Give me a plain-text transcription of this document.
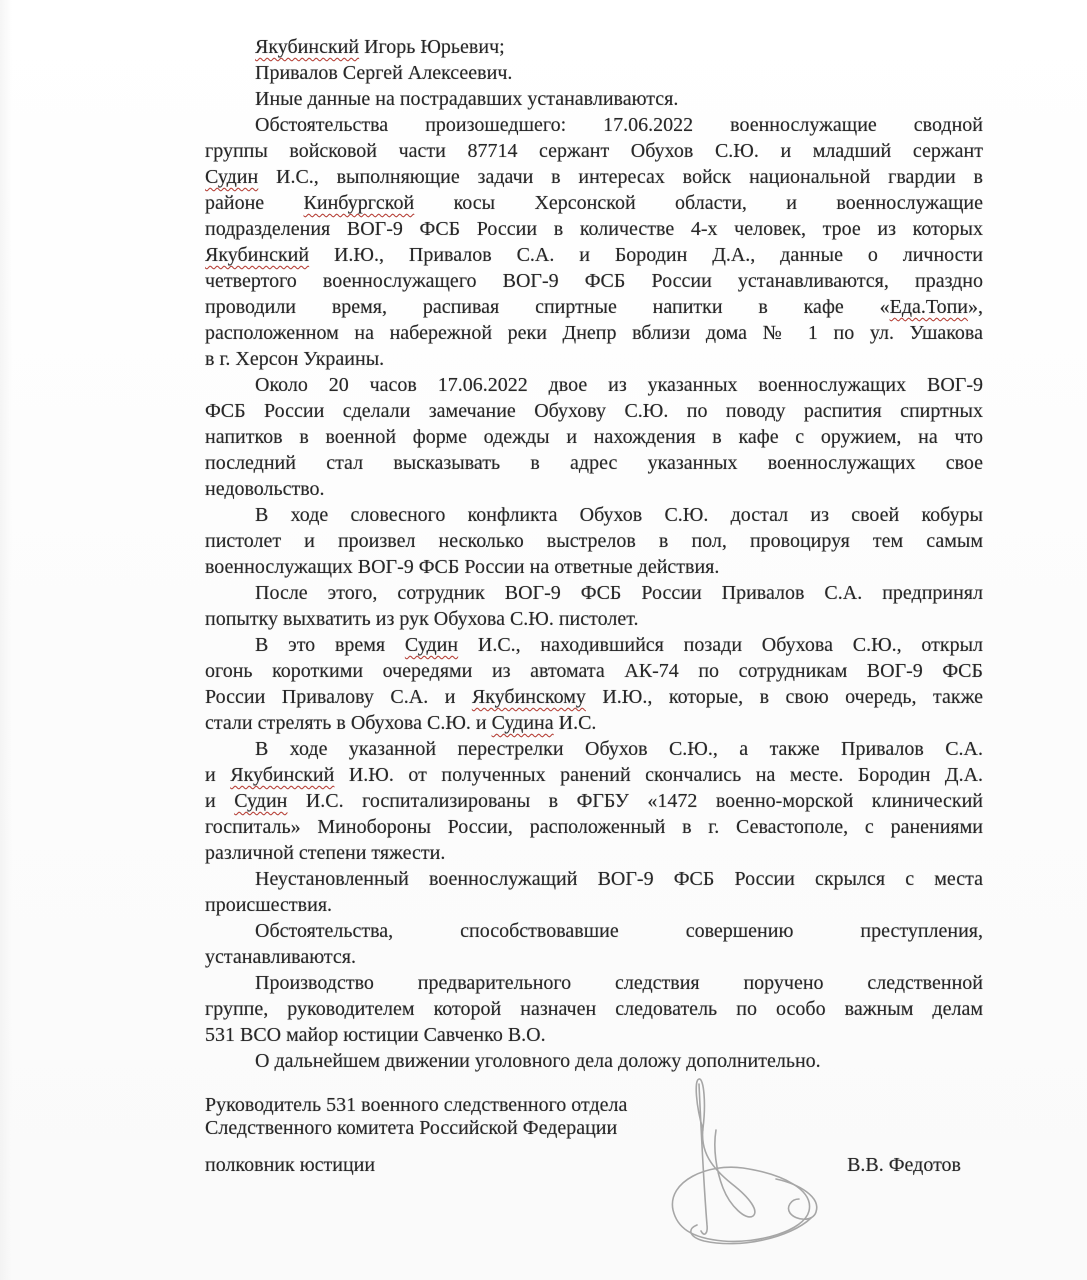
Якубинский Игорь Юрьевич;
Привалов Сергей Алексеевич.
Иные данные на пострадавших устанавливаются.
Обстоятельства произошедшего: 17.06.2022 военнослужащие сводной
группы войсковой части 87714 сержант Обухов С.Ю. и младший сержант
Судин И.С., выполняющие задачи в интересах войск национальной гвардии в
районе Кинбургской косы Херсонской области, и военнослужащие
подразделения ВОГ-9 ФСБ России в количестве 4-х человек, трое из которых
Якубинский И.Ю., Привалов С.А. и Бородин Д.А., данные о личности
четвертого военнослужащего ВОГ-9 ФСБ России устанавливаются, праздно
проводили время, распивая спиртные напитки в кафе «Еда.Топи»,
расположенном на набережной реки Днепр вблизи дома № 1 по ул. Ушакова
в г. Херсон Украины.
Около 20 часов 17.06.2022 двое из указанных военнослужащих ВОГ-9
ФСБ России сделали замечание Обухову С.Ю. по поводу распития спиртных
напитков в военной форме одежды и нахождения в кафе с оружием, на что
последний стал высказывать в адрес указанных военнослужащих свое
недовольство.
В ходе словесного конфликта Обухов С.Ю. достал из своей кобуры
пистолет и произвел несколько выстрелов в пол, провоцируя тем самым
военнослужащих ВОГ-9 ФСБ России на ответные действия.
После этого, сотрудник ВОГ-9 ФСБ России Привалов С.А. предпринял
попытку выхватить из рук Обухова С.Ю. пистолет.
В это время Судин И.С., находившийся позади Обухова С.Ю., открыл
огонь короткими очередями из автомата АК-74 по сотрудникам ВОГ-9 ФСБ
России Привалову С.А. и Якубинскому И.Ю., которые, в свою очередь, также
стали стрелять в Обухова С.Ю. и Судина И.С.
В ходе указанной перестрелки Обухов С.Ю., а также Привалов С.А.
и Якубинский И.Ю. от полученных ранений скончались на месте. Бородин Д.А.
и Судин И.С. госпитализированы в ФГБУ «1472 военно-морской клинический
госпиталь» Минобороны России, расположенный в г. Севастополе, с ранениями
различной степени тяжести.
Неустановленный военнослужащий ВОГ-9 ФСБ России скрылся с места
происшествия.
Обстоятельства, способствовавшие совершению преступления,
устанавливаются.
Производство предварительного следствия поручено следственной
группе, руководителем которой назначен следователь по особо важным делам
531 ВСО майор юстиции Савченко В.О.
О дальнейшем движении уголовного дела доложу дополнительно.
Руководитель 531 военного следственного отдела
Следственного комитета Российской Федерации
полковник юстиции	В.В. Федотов
